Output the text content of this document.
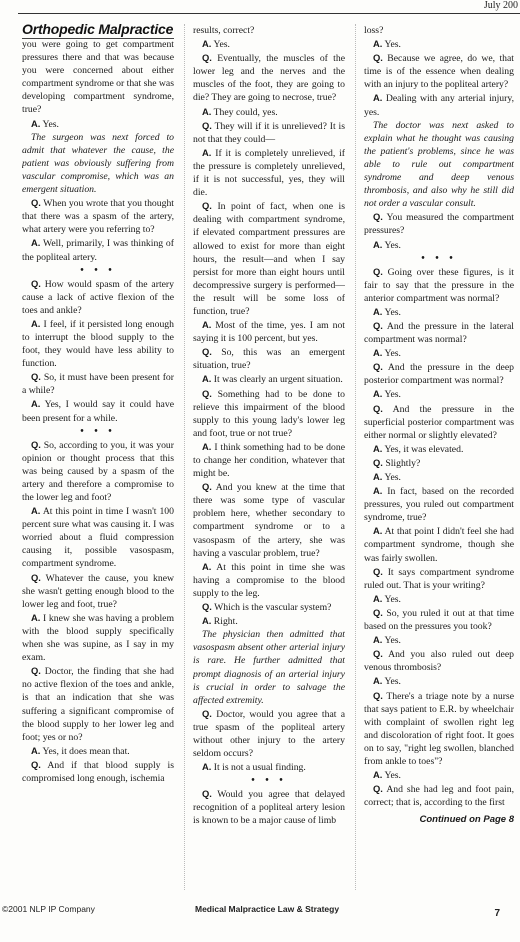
July 200
Orthopedic Malpractice

you were going to get compartment pressures there and that was because you were concerned about either compartment syndrome or that she was developing compartment syndrome, true?

A. Yes.

The surgeon was next forced to admit that whatever the cause, the patient was obviously suffering from vascular compromise, which was an emergent situation.

Q. When you wrote that you thought that there was a spasm of the artery, what artery were you referring to?

A. Well, primarily, I was thinking of the popliteal artery.

• • •

Q. How would spasm of the artery cause a lack of active flexion of the toes and ankle?

A. I feel, if it persisted long enough to interrupt the blood supply to the foot, they would have less ability to function.

Q. So, it must have been present for a while?

A. Yes, I would say it could have been present for a while.

• • •

Q. So, according to you, it was your opinion or thought process that this was being caused by a spasm of the artery and therefore a compromise to the lower leg and foot?

A. At this point in time I wasn't 100 percent sure what was causing it. I was worried about a fluid compression causing it, possible vasospasm, compartment syndrome.

Q. Whatever the cause, you knew she wasn't getting enough blood to the lower leg and foot, true?

A. I knew she was having a problem with the blood supply specifically when she was supine, as I say in my exam.

Q. Doctor, the finding that she had no active flexion of the toes and ankle, is that an indication that she was suffering a significant compromise of the blood supply to her lower leg and foot; yes or no?

A. Yes, it does mean that.

Q. And if that blood supply is compromised long enough, ischemia

results, correct?

A. Yes.

Q. Eventually, the muscles of the lower leg and the nerves and the muscles of the foot, they are going to die? They are going to necrose, true?

A. They could, yes.

Q. They will if it is unrelieved? It is not that they could—

A. If it is completely unrelieved, if the pressure is completely unrelieved, if it is not successful, yes, they will die.

Q. In point of fact, when one is dealing with compartment syndrome, if elevated compartment pressures are allowed to exist for more than eight hours, the result—and when I say persist for more than eight hours until decompressive surgery is performed—the result will be some loss of function, true?

A. Most of the time, yes. I am not saying it is 100 percent, but yes.

Q. So, this was an emergent situation, true?

A. It was clearly an urgent situation.

Q. Something had to be done to relieve this impairment of the blood supply to this young lady's lower leg and foot, true or not true?

A. I think something had to be done to change her condition, whatever that might be.

Q. And you knew at the time that there was some type of vascular problem here, whether secondary to compartment syndrome or to a vasospasm of the artery, she was having a vascular problem, true?

A. At this point in time she was having a compromise to the blood supply to the leg.

Q. Which is the vascular system?

A. Right.

The physician then admitted that vasospasm absent other arterial injury is rare. He further admitted that prompt diagnosis of an arterial injury is crucial in order to salvage the affected extremity.

Q. Doctor, would you agree that a true spasm of the popliteal artery without other injury to the artery seldom occurs?

A. It is not a usual finding.

• • •

Q. Would you agree that delayed recognition of a popliteal artery lesion is known to be a major cause of limb

loss?

A. Yes.

Q. Because we agree, do we, that time is of the essence when dealing with an injury to the popliteal artery?

A. Dealing with any arterial injury, yes.

The doctor was next asked to explain what he thought was causing the patient's problems, since he was able to rule out compartment syndrome and deep venous thrombosis, and also why he still did not order a vascular consult.

Q. You measured the compartment pressures?

A. Yes.

• • •

Q. Going over these figures, is it fair to say that the pressure in the anterior compartment was normal?

A. Yes.

Q. And the pressure in the lateral compartment was normal?

A. Yes.

Q. And the pressure in the deep posterior compartment was normal?

A. Yes.

Q. And the pressure in the superficial posterior compartment was either normal or slightly elevated?

A. Yes, it was elevated.

Q. Slightly?

A. Yes.

A. In fact, based on the recorded pressures, you ruled out compartment syndrome, true?

A. At that point I didn't feel she had compartment syndrome, though she was fairly swollen.

Q. It says compartment syndrome ruled out. That is your writing?

A. Yes.

Q. So, you ruled it out at that time based on the pressures you took?

A. Yes.

Q. And you also ruled out deep venous thrombosis?

A. Yes.

Q. There's a triage note by a nurse that says patient to E.R. by wheelchair with complaint of swollen right leg and discoloration of right foot. It goes on to say, "right leg swollen, blanched from ankle to toes"?

A. Yes.

Q. And she had leg and foot pain, correct; that is, according to the first

Continued on Page 8

©2001 NLP IP Company	Medical Malpractice Law & Strategy	7
